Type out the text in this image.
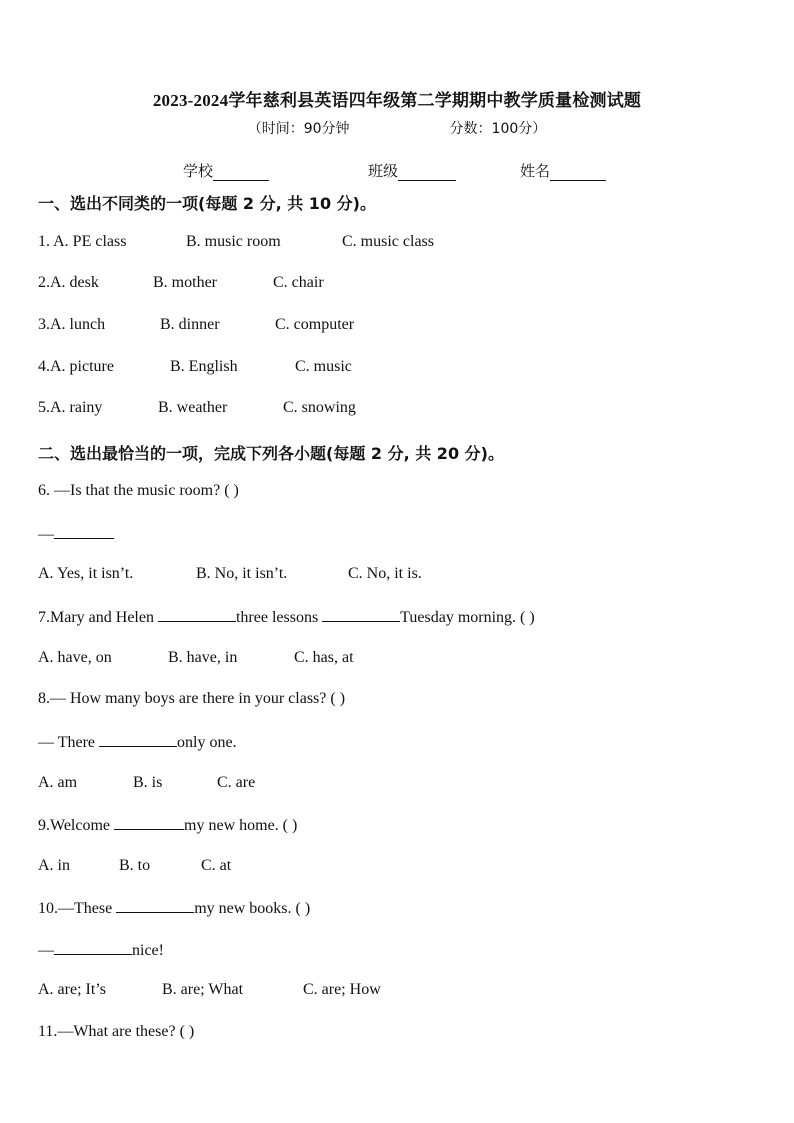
2023-2024学年慈利县英语四年级第二学期期中教学质量检测试题
（时间：90分钟	分数：100分）
学校	班级	姓名
一、选出不同类的一项(每题 2 分, 共 10 分)。
1. A. PE class	B. music room	C. music class
2.A. desk	B. mother	C. chair
3.A. lunch	B. dinner	C. computer
4.A. picture	B. English	C. music
5.A. rainy	B. weather	C. snowing
二、选出最恰当的一项，完成下列各小题(每题 2 分, 共 20 分)。
6. —Is that the music room? ( )
—
A. Yes, it isn’t.	B. No, it isn’t.	C. No, it is.
7.Mary and Helen	three lessons	Tuesday morning. ( )
A. have, on	B. have, in	C. has, at
8.— How many boys are there in your class? ( )
— There	only one.
A. am	B. is	C. are
9.Welcome	my new home. ( )
A. in	B. to	C. at
10.—These	my new books. ( )
—	nice!
A. are; It’s	B. are; What	C. are; How
11.—What are these? ( )
